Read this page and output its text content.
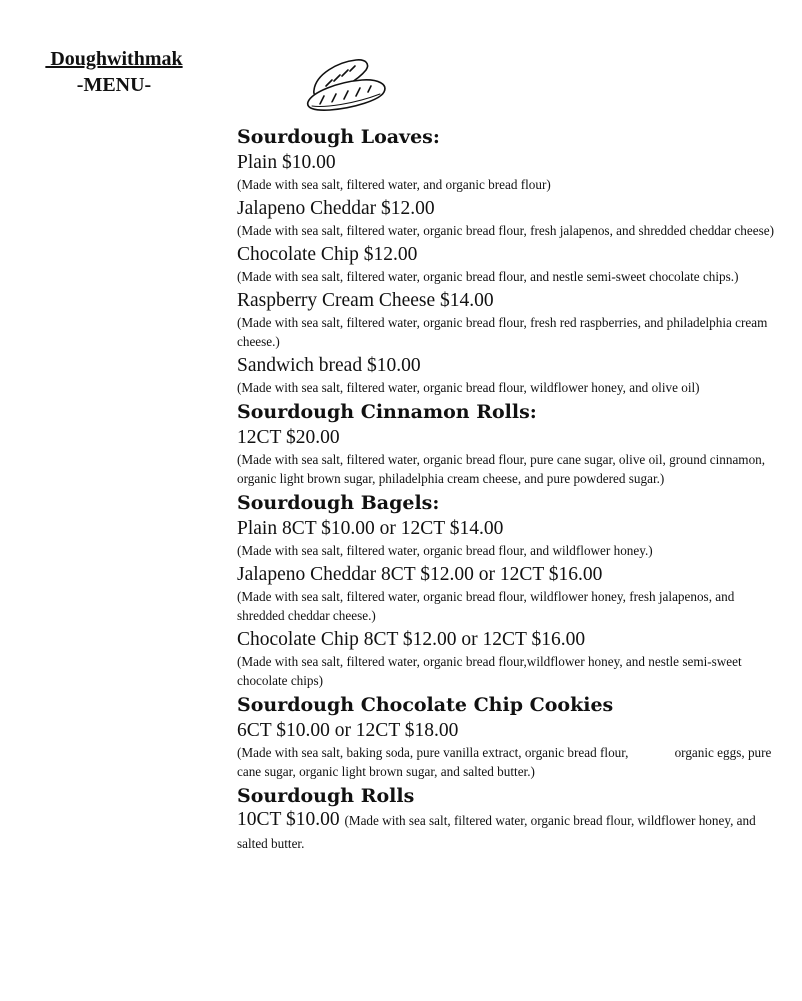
Doughwithmak
-MENU-

Sourdough Loaves:

Plain $10.00

(Made with sea salt, filtered water, and organic bread flour)

Jalapeno Cheddar $12.00

(Made with sea salt, filtered water, organic bread flour, fresh jalapenos, and shredded cheddar cheese)

Chocolate Chip $12.00

(Made with sea salt, filtered water, organic bread flour, and nestle semi-sweet chocolate chips.)

Raspberry Cream Cheese $14.00

(Made with sea salt, filtered water, organic bread flour, fresh red raspberries, and philadelphia cream cheese.)

Sandwich bread $10.00

(Made with sea salt, filtered water, organic bread flour, wildflower honey, and olive oil)

Sourdough Cinnamon Rolls:

12CT $20.00

(Made with sea salt, filtered water, organic bread flour, pure cane sugar, olive oil, ground cinnamon, organic light brown sugar, philadelphia cream cheese, and pure powdered sugar.)

Sourdough Bagels:

Plain 8CT $10.00 or 12CT $14.00

(Made with sea salt, filtered water, organic bread flour, and wildflower honey.)

Jalapeno Cheddar 8CT $12.00 or 12CT $16.00

(Made with sea salt, filtered water, organic bread flour, wildflower honey, fresh jalapenos, and shredded cheddar cheese.)

Chocolate Chip 8CT $12.00 or 12CT $16.00

(Made with sea salt, filtered water, organic bread flour,wildflower honey, and nestle semi-sweet chocolate chips)

Sourdough Chocolate Chip Cookies

6CT $10.00 or 12CT $18.00

(Made with sea salt, baking soda, pure vanilla extract, organic bread flour,              organic eggs, pure cane sugar, organic light brown sugar, and salted butter.)

Sourdough Rolls

10CT $10.00 (Made with sea salt, filtered water, organic bread flour, wildflower honey, and salted butter.
